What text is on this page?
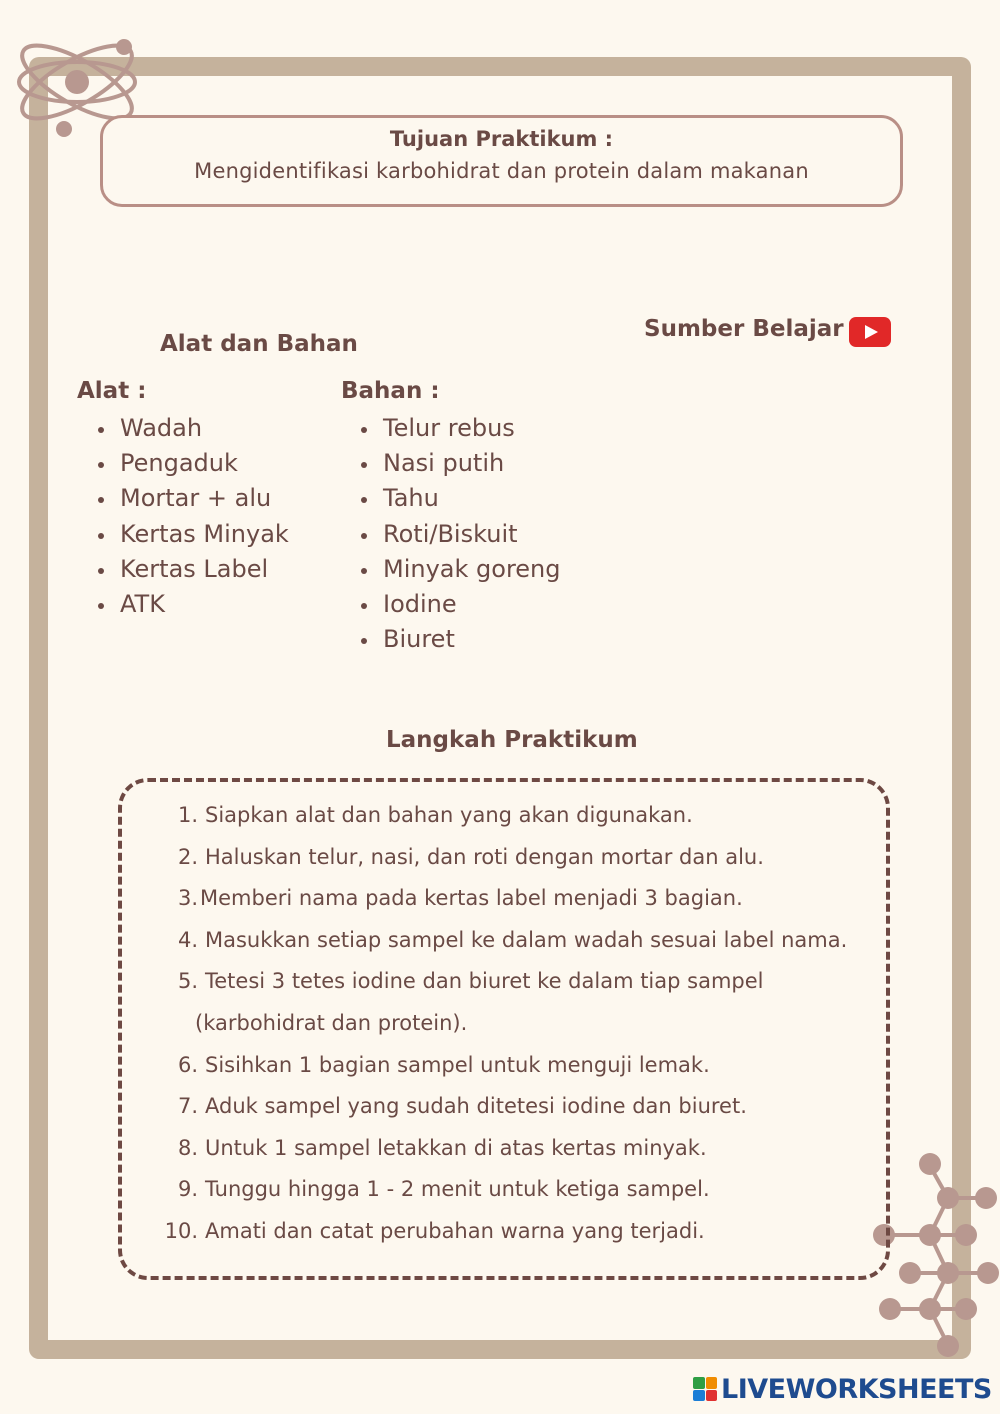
Tujuan Praktikum :
Mengidentifikasi karbohidrat dan protein dalam makanan
Sumber Belajar
Alat dan Bahan
Alat :
Wadah
Pengaduk
Mortar + alu
Kertas Minyak
Kertas Label
ATK
Bahan :
Telur rebus
Nasi putih
Tahu
Roti/Biskuit
Minyak goreng
Iodine
Biuret
Langkah Praktikum
1. Siapkan alat dan bahan yang akan digunakan.
2. Haluskan telur, nasi, dan roti dengan mortar dan alu.
3. Memberi nama pada kertas label menjadi 3 bagian.
4. Masukkan setiap sampel ke dalam wadah sesuai label nama.
5. Tetesi 3 tetes iodine dan biuret ke dalam tiap sampel
(karbohidrat dan protein).
6. Sisihkan 1 bagian sampel untuk menguji lemak.
7. Aduk sampel yang sudah ditetesi iodine dan biuret.
8. Untuk 1 sampel letakkan di atas kertas minyak.
9. Tunggu hingga 1 - 2 menit untuk ketiga sampel.
10. Amati dan catat perubahan warna yang terjadi.
LIVEWORKSHEETS
